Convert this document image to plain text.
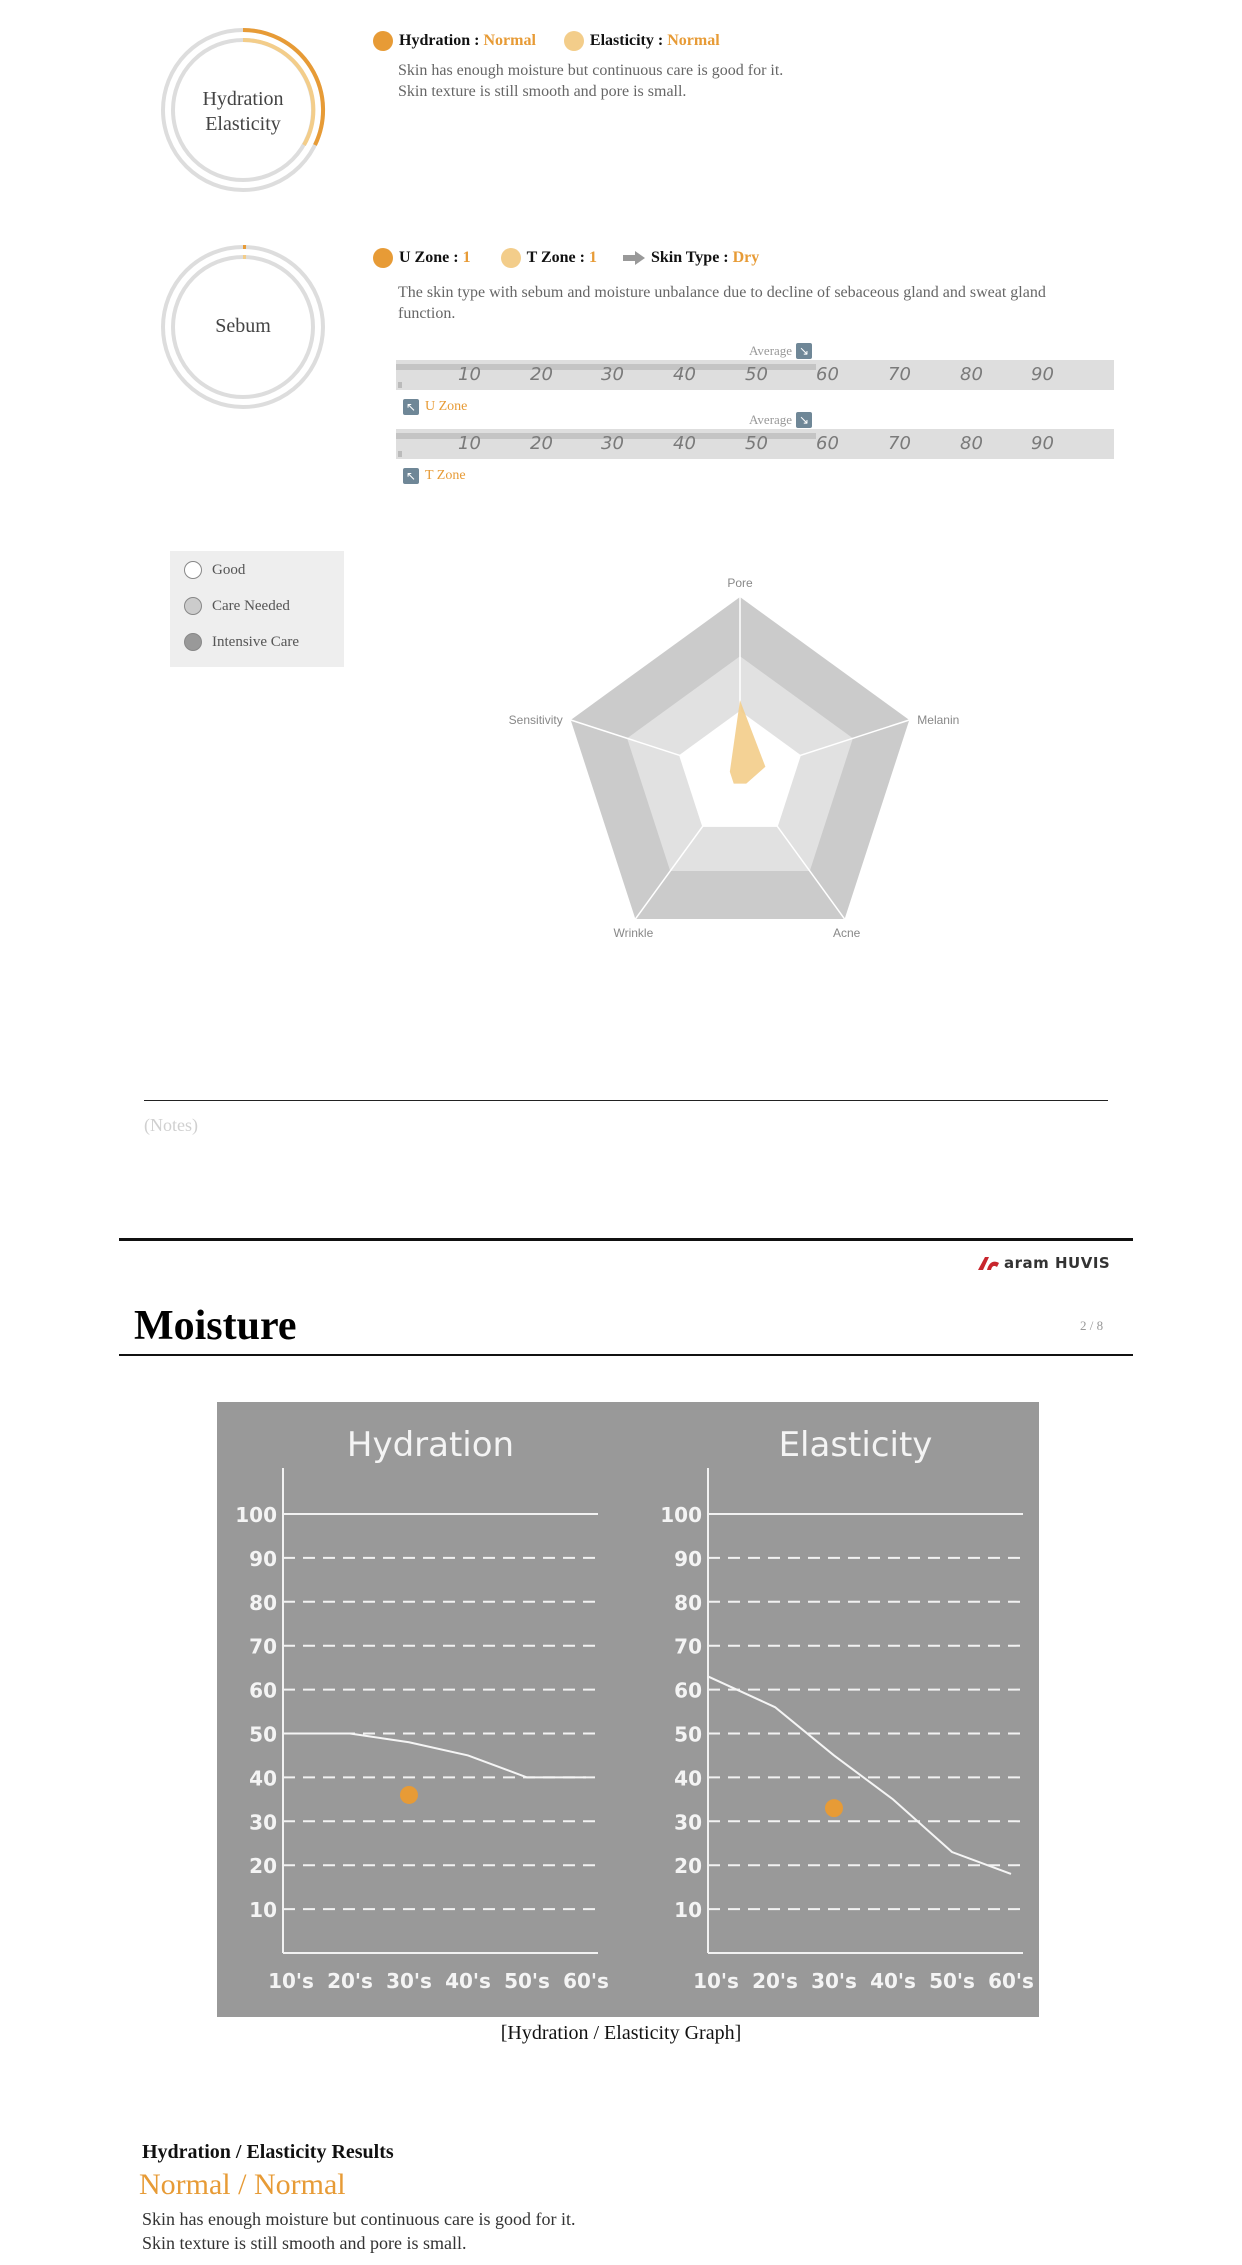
Hydration
Elasticity
Hydration
: Normal	Elasticity
: Normal
Skin has enough moisture but continuous care is good for it.
Skin texture is still smooth and pore is small.
Sebum
U Zone
: 1	T Zone
: 1	Skin Type
: Dry
The skin type with sebum and moisture unbalance due to decline of sebaceous gland and sweat gland function.
Average ↘
10	20	30	40	50	60	70	80	90
↖ U Zone
Average ↘
10	20	30	40	50	60	70	80	90
↖ T Zone
Good
Care Needed
Intensive Care
Pore
Melanin
Acne
Wrinkle
Sensitivity
(Notes)
aram HUVIS
Moisture	2 / 8
Hydration
10
20
30
40
50
60
70
80
90
100
10's 20's 30's 40's 50's 60's
Elasticity
10
20
30
40
50
60
70
80
90
100
10's 20's 30's 40's 50's 60's
[Hydration / Elasticity Graph]
Hydration / Elasticity Results
Normal / Normal
Skin has enough moisture but continuous care is good for it.
Skin texture is still smooth and pore is small.
